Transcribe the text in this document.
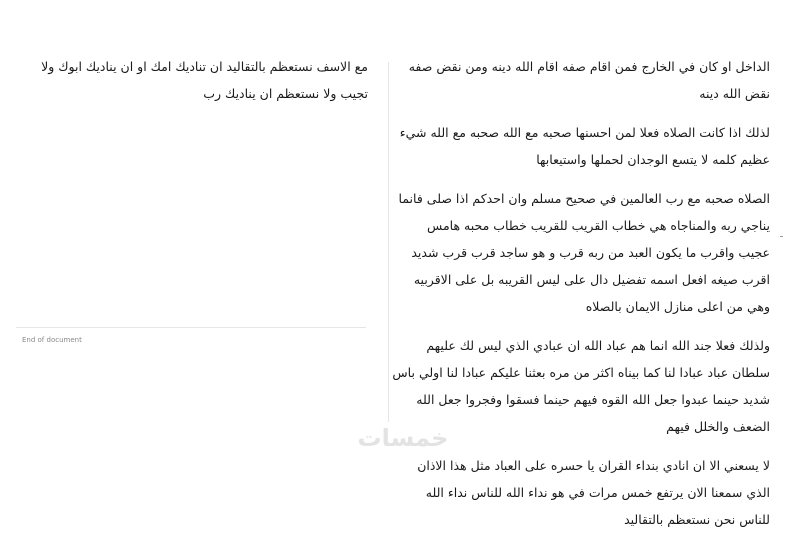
الداخل او كان في الخارج فمن اقام صفه اقام الله دينه ومن نقض صفه نقض الله دينه

لذلك اذا كانت الصلاه فعلا لمن احسنها صحبه مع الله صحبه مع الله شيء عظيم كلمه لا يتسع الوجدان لحملها واستيعابها

الصلاه صحبه مع رب العالمين في صحيح مسلم وان احدكم اذا صلى فانما يناجي ربه والمناجاه هي خطاب القريب للقريب خطاب محبه هامس عجيب واقرب ما يكون العبد من ربه قرب و هو ساجد قرب قرب شديد اقرب صيغه افعل اسمه تفضيل دال على ليس القريبه بل على الاقربيه وهي من اعلى منازل الايمان بالصلاه

ولذلك فعلا جند الله انما هم عباد الله ان عبادي الذي ليس لك عليهم سلطان عباد عبادا لنا كما بيناه اكثر من مره بعثنا عليكم عبادا لنا اولي باس شديد حينما عبدوا جعل الله القوه فيهم حينما فسقوا وفجروا جعل الله الضعف والخلل فيهم

لا يسعني الا ان انادي بنداء القران يا حسره على العباد مثل هذا الاذان الذي سمعنا الان يرتفع خمس مرات في هو نداء الله للناس نداء الله للناس نحن نستعظم بالتقاليد

مع الاسف نستعظم بالتقاليد ان تناديك امك او ان يناديك ابوك ولا تجيب ولا نستعظم ان يناديك رب

End of document
خمسات
